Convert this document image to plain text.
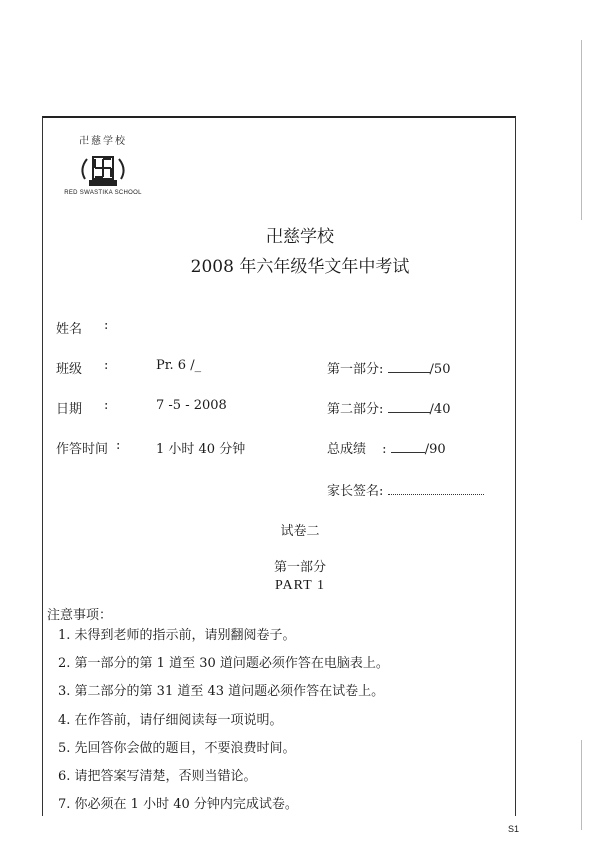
卍慈学校
RED SWASTIKA SCHOOL
卍慈学校
2008 年六年级华文年中考试
姓名 :
班级 :	Pr. 6 /_
日期 :	7 -5 - 2008
作答时间 :	1 小时 40 分钟
第一部分:	/50
第二部分:	/40
总成绩 :	/90
家长签名:
试卷二
第一部分
PART 1
注意事项：
1. 未得到老师的指示前，请别翻阅卷子。
2. 第一部分的第 1 道至 30 道问题必须作答在电脑表上。
3. 第二部分的第 31 道至 43 道问题必须作答在试卷上。
4. 在作答前，请仔细阅读每一项说明。
5. 先回答你会做的题目，不要浪费时间。
6. 请把答案写清楚，否则当错论。
7. 你必须在 1 小时 40 分钟内完成试卷。
S1
